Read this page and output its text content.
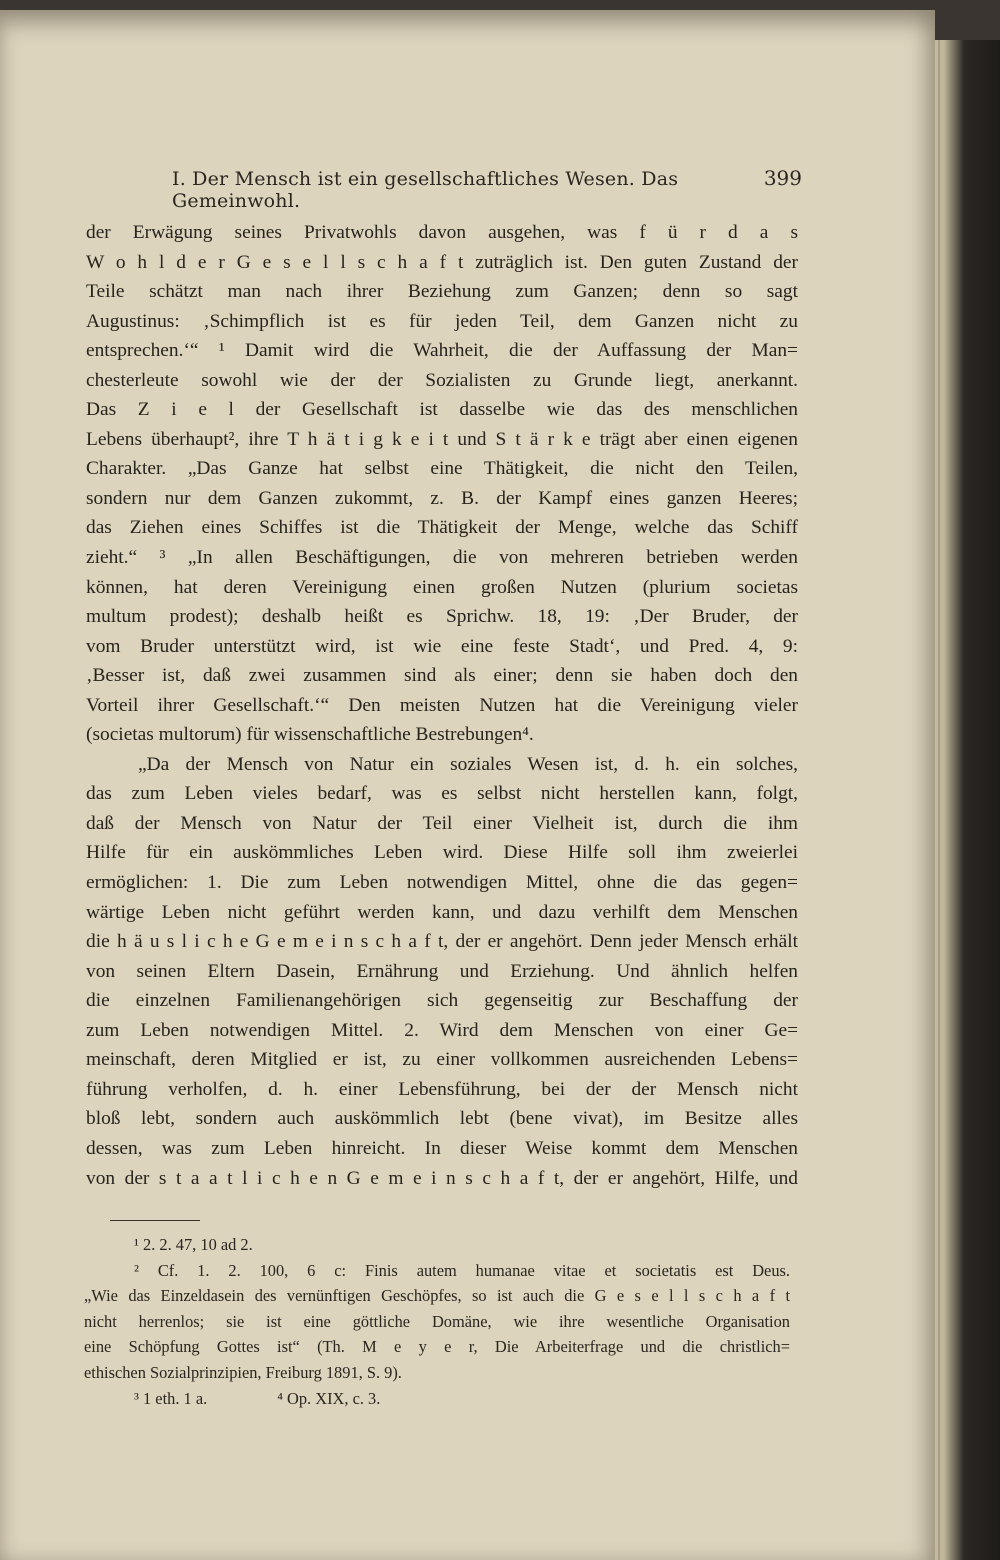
I. Der Mensch ist ein gesellschaftliches Wesen. Das Gemeinwohl.
399
der Erwägung seines Privatwohls davon ausgehen, was f ü r d a s
W o h l d e r G e s e l l s c h a f t zuträglich ist. Den guten Zustand der
Teile schätzt man nach ihrer Beziehung zum Ganzen; denn so sagt
Augustinus: ‚Schimpflich ist es für jeden Teil, dem Ganzen nicht zu
entsprechen.‘“ ¹ Damit wird die Wahrheit, die der Auffassung der Man=
chesterleute sowohl wie der der Sozialisten zu Grunde liegt, anerkannt.
Das Z i e l der Gesellschaft ist dasselbe wie das des menschlichen
Lebens überhaupt², ihre T h ä t i g k e i t und S t ä r k e trägt aber einen eigenen
Charakter. „Das Ganze hat selbst eine Thätigkeit, die nicht den Teilen,
sondern nur dem Ganzen zukommt, z. B. der Kampf eines ganzen Heeres;
das Ziehen eines Schiffes ist die Thätigkeit der Menge, welche das Schiff
zieht.“ ³ „In allen Beschäftigungen, die von mehreren betrieben werden
können, hat deren Vereinigung einen großen Nutzen (plurium societas
multum prodest); deshalb heißt es Sprichw. 18, 19: ‚Der Bruder, der
vom Bruder unterstützt wird, ist wie eine feste Stadt‘, und Pred. 4, 9:
‚Besser ist, daß zwei zusammen sind als einer; denn sie haben doch den
Vorteil ihrer Gesellschaft.‘“ Den meisten Nutzen hat die Vereinigung vieler
(societas multorum) für wissenschaftliche Bestrebungen⁴.
„Da der Mensch von Natur ein soziales Wesen ist, d. h. ein solches,
das zum Leben vieles bedarf, was es selbst nicht herstellen kann, folgt,
daß der Mensch von Natur der Teil einer Vielheit ist, durch die ihm
Hilfe für ein auskömmliches Leben wird. Diese Hilfe soll ihm zweierlei
ermöglichen: 1. Die zum Leben notwendigen Mittel, ohne die das gegen=
wärtige Leben nicht geführt werden kann, und dazu verhilft dem Menschen
die h ä u s l i c h e G e m e i n s c h a f t, der er angehört. Denn jeder Mensch erhält
von seinen Eltern Dasein, Ernährung und Erziehung. Und ähnlich helfen
die einzelnen Familienangehörigen sich gegenseitig zur Beschaffung der
zum Leben notwendigen Mittel. 2. Wird dem Menschen von einer Ge=
meinschaft, deren Mitglied er ist, zu einer vollkommen ausreichenden Lebens=
führung verholfen, d. h. einer Lebensführung, bei der der Mensch nicht
bloß lebt, sondern auch auskömmlich lebt (bene vivat), im Besitze alles
dessen, was zum Leben hinreicht. In dieser Weise kommt dem Menschen
von der s t a a t l i c h e n G e m e i n s c h a f t, der er angehört, Hilfe, und
¹ 2. 2. 47, 10 ad 2.
² Cf. 1. 2. 100, 6 c: Finis autem humanae vitae et societatis est Deus.
„Wie das Einzeldasein des vernünftigen Geschöpfes, so ist auch die G e s e l l s c h a f t
nicht herrenlos; sie ist eine göttliche Domäne, wie ihre wesentliche Organisation
eine Schöpfung Gottes ist“ (Th. M e y e r, Die Arbeiterfrage und die christlich=
ethischen Sozialprinzipien, Freiburg 1891, S. 9).
³ 1 eth. 1 a.	⁴ Op. XIX, c. 3.
